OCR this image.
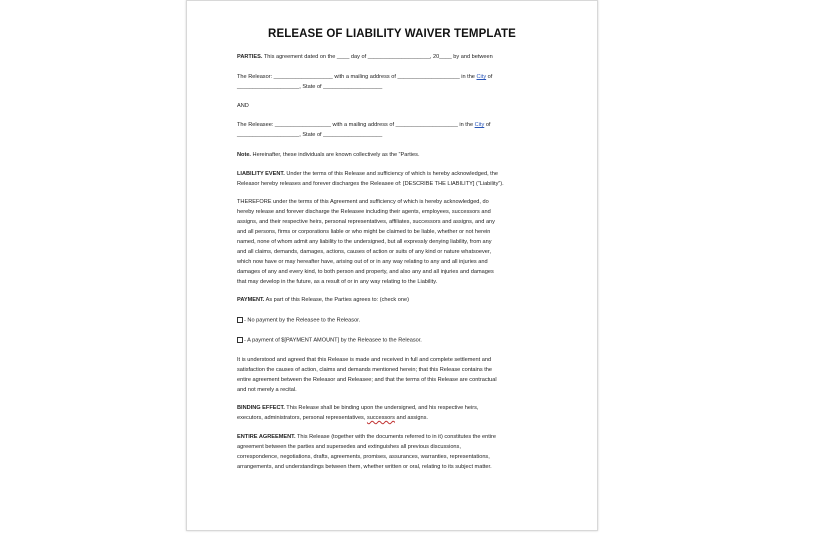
RELEASE OF LIABILITY WAIVER TEMPLATE
PARTIES. This agreement dated on the ____ day of ____________________, 20____ by and between
The Releasor: ___________________ with a mailing address of ____________________ in the City of
____________________, State of ___________________
AND
The Releasee: __________________ with a mailing address of ____________________ in the City of
____________________, State of ___________________
Note. Hereinafter, these individuals are known collectively as the “Parties.
LIABILITY EVENT. Under the terms of this Release and sufficiency of which is hereby acknowledged, the
Releasor hereby releases and forever discharges the Releasee of: [DESCRIBE THE LIABILITY] (“Liability”).
THEREFORE under the terms of this Agreement and sufficiency of which is hereby acknowledged, do
hereby release and forever discharge the Releasee including their agents, employees, successors and
assigns, and their respective heirs, personal representatives, affiliates, successors and assigns, and any
and all persons, firms or corporations liable or who might be claimed to be liable, whether or not herein
named, none of whom admit any liability to the undersigned, but all expressly denying liability, from any
and all claims, demands, damages, actions, causes of action or suits of any kind or nature whatsoever,
which now have or may hereafter have, arising out of or in any way relating to any and all injuries and
damages of any and every kind, to both person and property, and also any and all injuries and damages
that may develop in the future, as a result of or in any way relating to the Liability.
PAYMENT. As part of this Release, the Parties agrees to: (check one)
- No payment by the Releasee to the Releasor.
- A payment of $[PAYMENT AMOUNT] by the Releasee to the Releasor.
It is understood and agreed that this Release is made and received in full and complete settlement and
satisfaction the causes of action, claims and demands mentioned herein; that this Release contains the
entire agreement between the Releasor and Releasee; and that the terms of this Release are contractual
and not merely a recital.
BINDING EFFECT. This Release shall be binding upon the undersigned, and his respective heirs,
executors, administrators, personal representatives, successors and assigns.
ENTIRE AGREEMENT. This Release (together with the documents referred to in it) constitutes the entire
agreement between the parties and supersedes and extinguishes all previous discussions,
correspondence, negotiations, drafts, agreements, promises, assurances, warranties, representations,
arrangements, and understandings between them, whether written or oral, relating to its subject matter.
